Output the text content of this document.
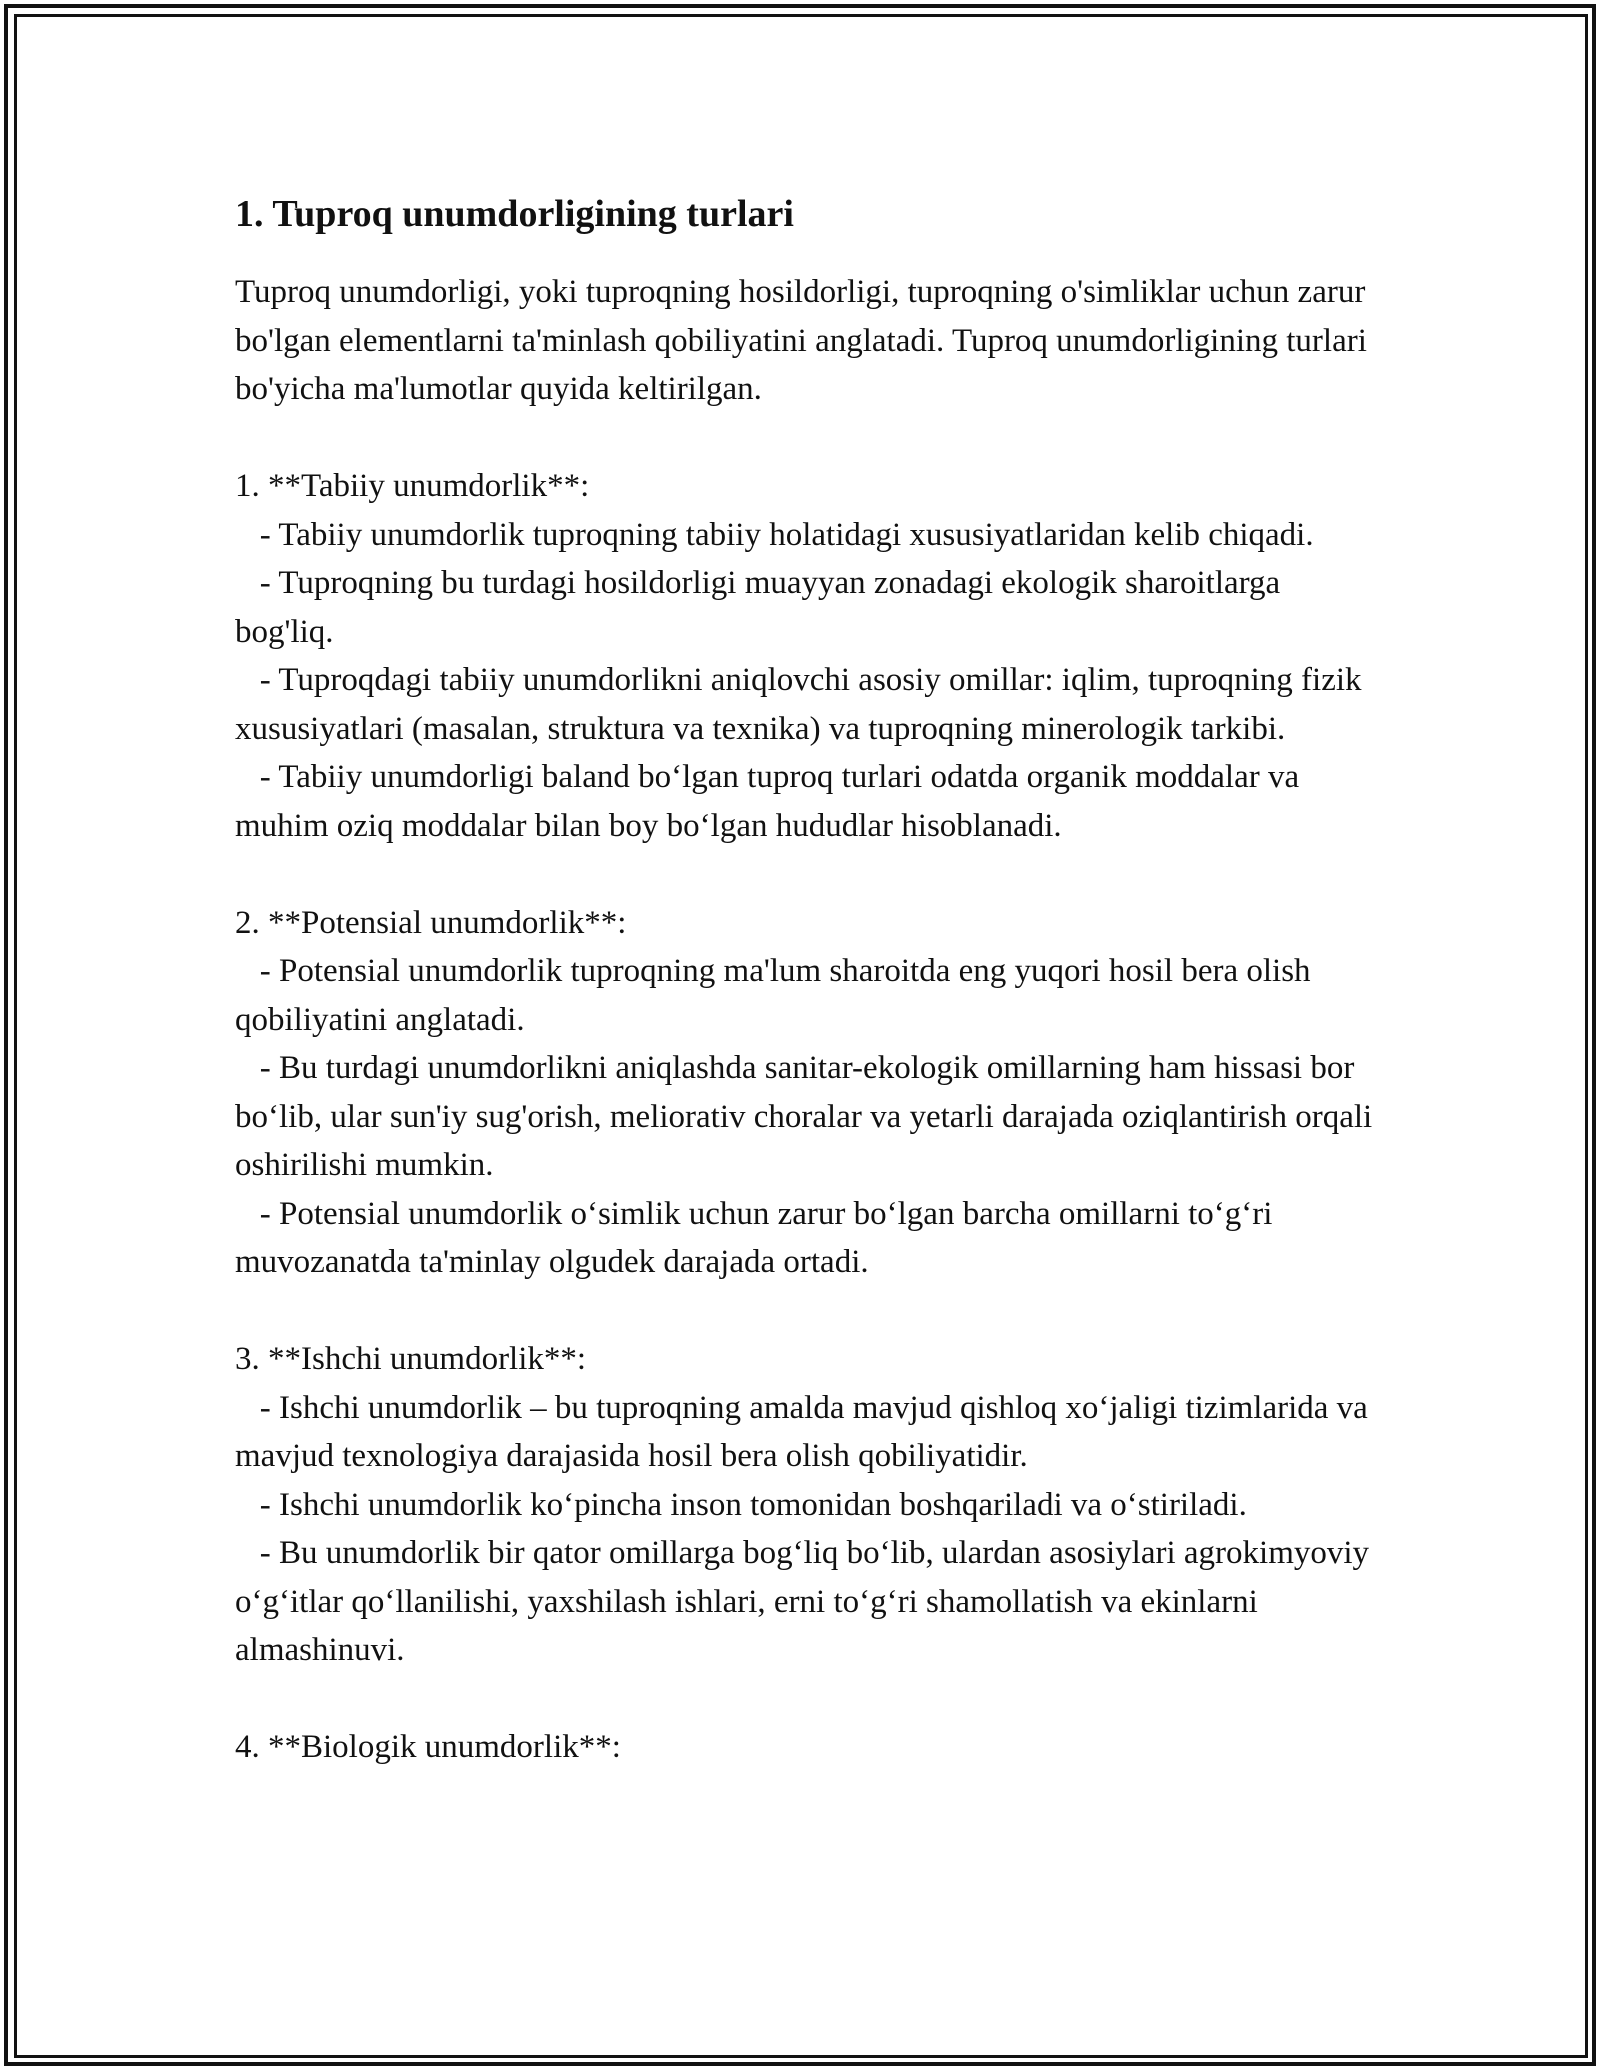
1. Tuproq unumdorligining turlari

Tuproq unumdorligi, yoki tuproqning hosildorligi, tuproqning o'simliklar uchun zarur bo'lgan elementlarni ta'minlash qobiliyatini anglatadi. Tuproq unumdorligining turlari bo'yicha ma'lumotlar quyida keltirilgan.

1. **Tabiiy unumdorlik**:

- Tabiiy unumdorlik tuproqning tabiiy holatidagi xususiyatlaridan kelib chiqadi.

- Tuproqning bu turdagi hosildorligi muayyan zonadagi ekologik sharoitlarga bog'liq.

- Tuproqdagi tabiiy unumdorlikni aniqlovchi asosiy omillar: iqlim, tuproqning fizik xususiyatlari (masalan, struktura va texnika) va tuproqning minerologik tarkibi.

- Tabiiy unumdorligi baland boʻlgan tuproq turlari odatda organik moddalar va muhim oziq moddalar bilan boy boʻlgan hududlar hisoblanadi.

2. **Potensial unumdorlik**:

- Potensial unumdorlik tuproqning ma'lum sharoitda eng yuqori hosil bera olish qobiliyatini anglatadi.

- Bu turdagi unumdorlikni aniqlashda sanitar-ekologik omillarning ham hissasi bor boʻlib, ular sun'iy sug'orish, meliorativ choralar va yetarli darajada oziqlantirish orqali oshirilishi mumkin.

- Potensial unumdorlik oʻsimlik uchun zarur boʻlgan barcha omillarni toʻgʻri muvozanatda ta'minlay olgudek darajada ortadi.

3. **Ishchi unumdorlik**:

- Ishchi unumdorlik – bu tuproqning amalda mavjud qishloq xoʻjaligi tizimlarida va mavjud texnologiya darajasida hosil bera olish qobiliyatidir.

- Ishchi unumdorlik koʻpincha inson tomonidan boshqariladi va oʻstiriladi.

- Bu unumdorlik bir qator omillarga bogʻliq boʻlib, ulardan asosiylari agrokimyoviy oʻgʻitlar qoʻllanilishi, yaxshilash ishlari, erni toʻgʻri shamollatish va ekinlarni almashinuvi.

4. **Biologik unumdorlik**:
